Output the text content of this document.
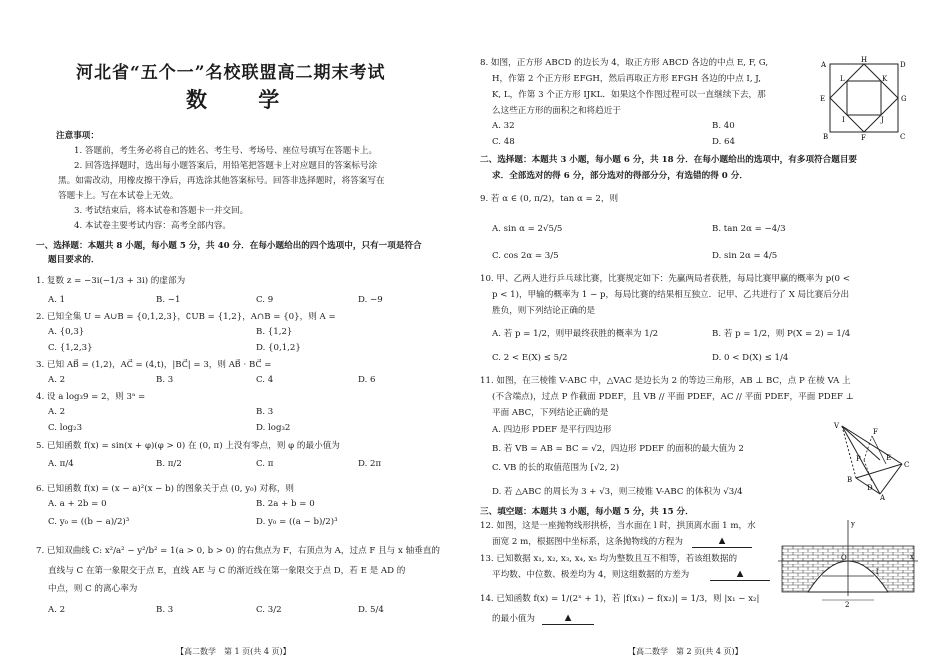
河北省“五个一”名校联盟高二期末考试
数 学
注意事项：
1. 答题前，考生务必将自己的姓名、考生号、考场号、座位号填写在答题卡上。
2. 回答选择题时，选出每小题答案后，用铅笔把答题卡上对应题目的答案标号涂
黑。如需改动，用橡皮擦干净后，再选涂其他答案标号。回答非选择题时，将答案写在
答题卡上。写在本试卷上无效。
3. 考试结束后，将本试卷和答题卡一并交回。
4. 本试卷主要考试内容：高考全部内容。
一、选择题：本题共 8 小题，每小题 5 分，共 40 分．在每小题给出的四个选项中，只有一项是符合
题目要求的．
1. 复数 z = −3i(−1/3 + 3i) 的虚部为
A. 1	B. −1	C. 9	D. −9
2. 已知全集 U = A∪B = {0,1,2,3}，∁UB = {1,2}，A∩B = {0}，则 A =
A. {0,3}	B. {1,2}
C. {1,2,3}	D. {0,1,2}
3. 已知 AB⃗ = (1,2)，AC⃗ = (4,t)，|BC⃗| = 3，则 AB⃗ · BC⃗ =
A. 2	B. 3	C. 4	D. 6
4. 设 a log₃9 = 2，则 3ᵃ =
A. 2	B. 3
C. log₂3	D. log₃2
5. 已知函数 f(x) = sin(x + φ)(φ > 0) 在 (0, π) 上没有零点，则 φ 的最小值为
A. π/4	B. π/2	C. π	D. 2π
6. 已知函数 f(x) = (x − a)²(x − b) 的图象关于点 (0, y₀) 对称，则
A. a + 2b = 0	B. 2a + b = 0
C. y₀ = ((b − a)/2)³	D. y₀ = ((a − b)/2)³
7. 已知双曲线 C: x²/a² − y²/b² = 1(a > 0, b > 0) 的右焦点为 F，右顶点为 A，过点 F 且与 x 轴垂直的
直线与 C 在第一象限交于点 E，直线 AE 与 C 的渐近线在第一象限交于点 D，若 E 是 AD 的
中点，则 C 的离心率为
A. 2	B. 3	C. 3/2	D. 5/4
【高二数学　第 1 页(共 4 页)】
8. 如图，正方形 ABCD 的边长为 4，取正方形 ABCD 各边的中点 E, F, G,
H，作第 2 个正方形 EFGH，然后再取正方形 EFGH 各边的中点 I, J,
K, L，作第 3 个正方形 IJKL．如果这个作图过程可以一直继续下去，那
么这些正方形的面积之和将趋近于
A. 32	B. 40
C. 48	D. 64
A
H
D
E
L	K
G
I	J
B	F	C
二、选择题：本题共 3 小题，每小题 6 分，共 18 分．在每小题给出的选项中，有多项符合题目要
求．全部选对的得 6 分，部分选对的得部分分，有选错的得 0 分．
9. 若 α ∈ (0, π/2)，tan α = 2，则
A. sin α = 2√5/5	B. tan 2α = −4/3
C. cos 2α = 3/5	D. sin 2α = 4/5
10. 甲、乙两人进行乒乓球比赛，比赛规定如下：先赢两局者获胜，每局比赛甲赢的概率为 p(0 <
p < 1)，甲输的概率为 1 − p，每局比赛的结果相互独立．记甲、乙共进行了 X 局比赛后分出
胜负，则下列结论正确的是
A. 若 p = 1/2，则甲最终获胜的概率为 1/2	B. 若 p = 1/2，则 P(X = 2) = 1/4
C. 2 < E(X) ≤ 5/2	D. 0 < D(X) ≤ 1/4
11. 如图，在三棱锥 V-ABC 中，△VAC 是边长为 2 的等边三角形，AB ⊥ BC，点 P 在棱 VA 上
(不含端点)，过点 P 作截面 PDEF，且 VB // 平面 PDEF，AC // 平面 PDEF，平面 PDEF ⊥
平面 ABC，下列结论正确的是
A. 四边形 PDEF 是平行四边形
B. 若 VB = AB = BC = √2，四边形 PDEF 的面积的最大值为 2
C. VB 的长的取值范围为 [√2, 2)
D. 若 △ABC 的周长为 3 + √3，则三棱锥 V-ABC 的体积为 √3/4
V
F
P	E
C
B
D
A
三、填空题：本题共 3 小题，每小题 5 分，共 15 分．
12. 如图，这是一座抛物线形拱桥，当水面在 l 时，拱顶离水面 1 m，水
面宽 2 m，根据图中坐标系，这条抛物线的方程为	▲
13. 已知数据 x₁, x₂, x₃, x₄, x₅ 均为整数且互不相等，若该组数据的
平均数、中位数、极差均为 4，则这组数据的方差为	▲
14. 已知函数 f(x) = 1/(2ˣ + 1)，若 |f(x₁) − f(x₂)| = 1/3，则 |x₁ − x₂|
的最小值为	▲
y
O	x
l
2
【高二数学　第 2 页(共 4 页)】
